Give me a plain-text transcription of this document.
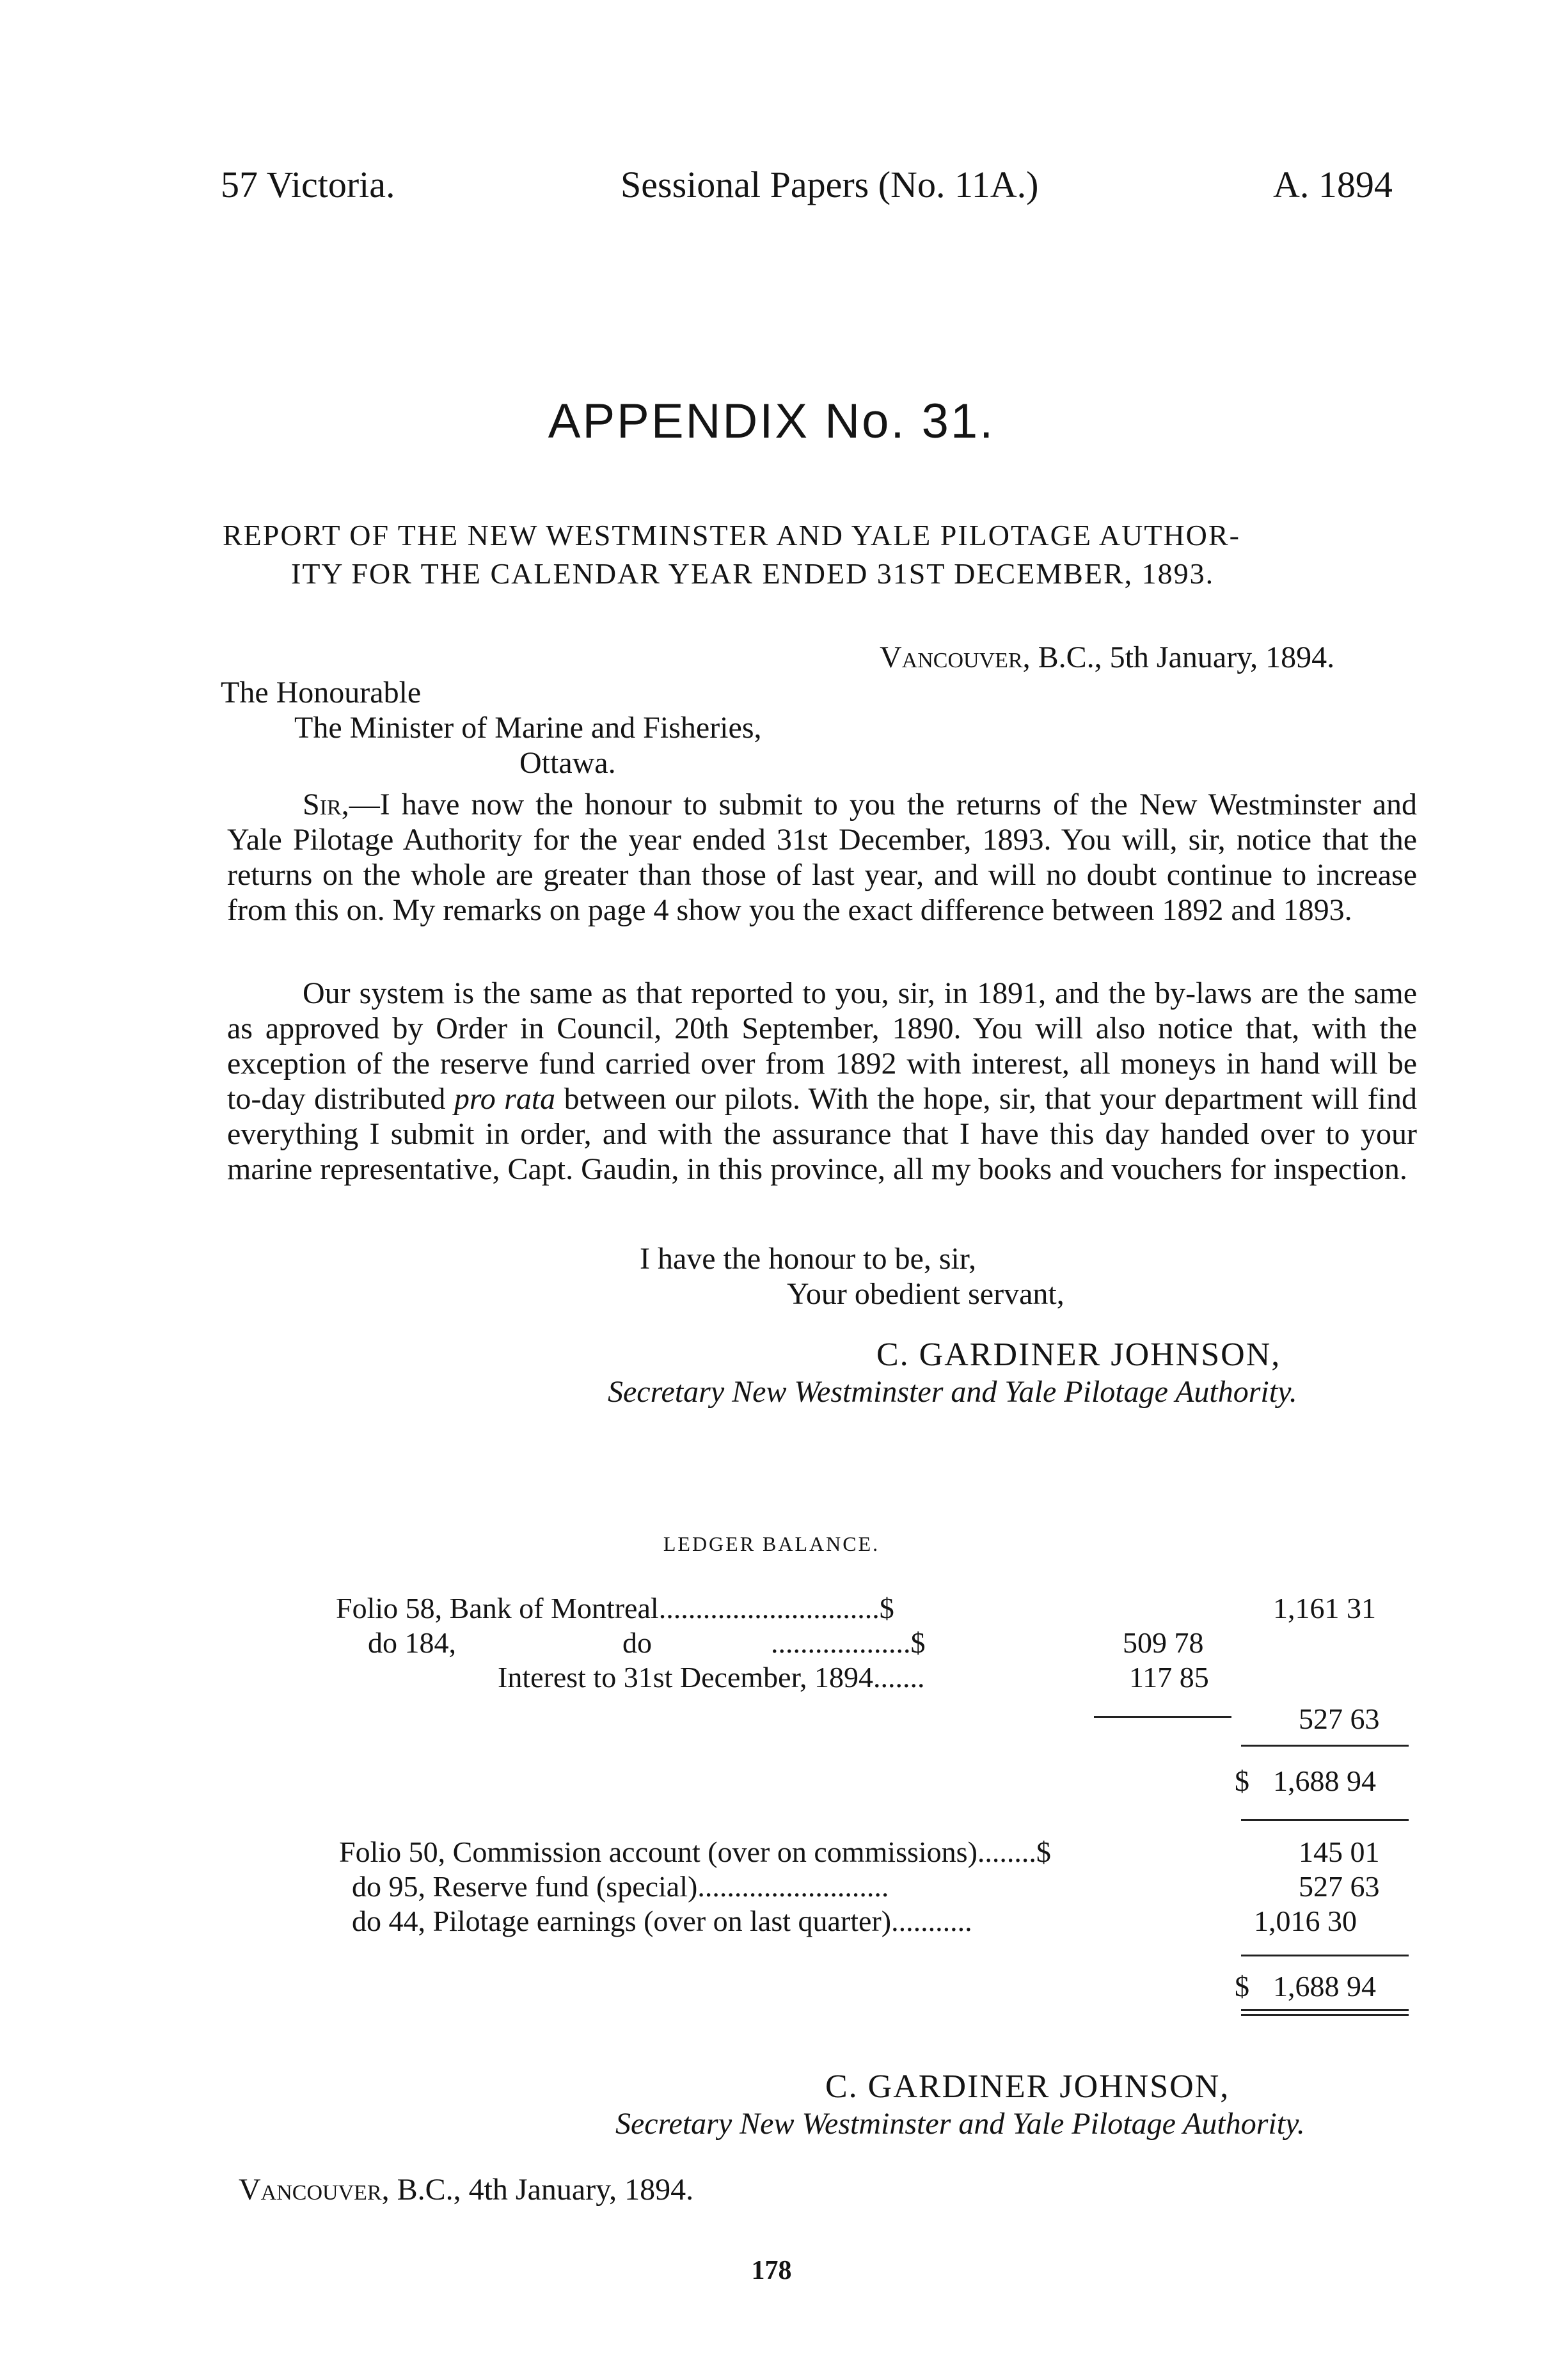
57 Victoria.	Sessional Papers (No. 11A.)	A. 1894
APPENDIX No. 31.
REPORT OF THE NEW WESTMINSTER AND YALE PILOTAGE AUTHOR-
ITY FOR THE CALENDAR YEAR ENDED 31ST DECEMBER, 1893.
Vancouver, B.C., 5th January, 1894.
The Honourable
The Minister of Marine and Fisheries,
Ottawa.

Sir,—I have now the honour to submit to you the returns of the New Westminster and Yale Pilotage Authority for the year ended 31st December, 1893. You will, sir, notice that the returns on the whole are greater than those of last year, and will no doubt continue to increase from this on. My remarks on page 4 show you the exact difference between 1892 and 1893.

Our system is the same as that reported to you, sir, in 1891, and the by-laws are the same as approved by Order in Council, 20th September, 1890. You will also notice that, with the exception of the reserve fund carried over from 1892 with interest, all moneys in hand will be to-day distributed pro rata between our pilots. With the hope, sir, that your department will find everything I submit in order, and with the assurance that I have this day handed over to your marine representative, Capt. Gaudin, in this province, all my books and vouchers for inspection.

I have the honour to be, sir,
Your obedient servant,
C. GARDINER JOHNSON,
Secretary New Westminster and Yale Pilotage Authority.
LEDGER BALANCE.
Folio 58, Bank of Montreal..............................$	1,161 31
do 184,	do	...................$	509 78
Interest to 31st December, 1894.......	117 85
527 63
$ 1,688 94
Folio 50, Commission account (over on commissions)........$	145 01
do 95, Reserve fund (special)..........................	527 63
do 44, Pilotage earnings (over on last quarter)...........	1,016 30
$ 1,688 94
C. GARDINER JOHNSON,
Secretary New Westminster and Yale Pilotage Authority.
Vancouver, B.C., 4th January, 1894.
178
